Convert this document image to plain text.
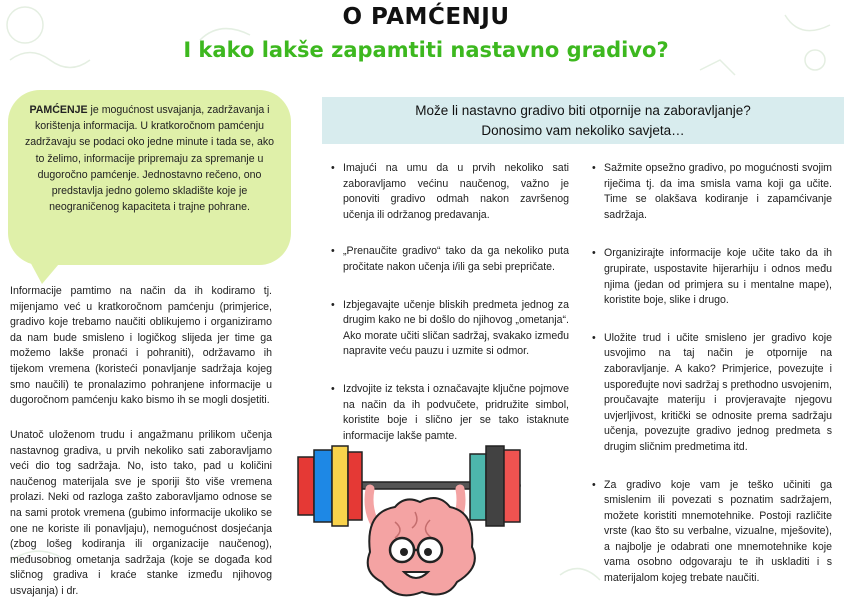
O PAMĆENJU
I kako lakše zapamtiti nastavno gradivo?
PAMĆENJE je mogućnost usvajanja, zadržavanja i korištenja informacija. U kratkoročnom pamćenju zadržavaju se podaci oko jedne minute i tada se, ako to želimo, informacije pripremaju za spremanje u dugoročno pamćenje. Jednostavno rečeno, ono predstavlja jedno golemo skladište koje je neograničenog kapaciteta i trajne pohrane.
Informacije pamtimo na način da ih kodiramo tj. mijenjamo već u kratkoročnom pamćenju (primjerice, gradivo koje trebamo naučiti oblikujemo i organiziramo da nam bude smisleno i logičkog slijeda jer time ga možemo lakše pronaći i pohraniti), održavamo ih tijekom vremena (koristeći ponavljanje sadržaja kojeg smo naučili) te pronalazimo pohranjene informacije u dugoročnom pamćenju kako bismo ih se mogli dosjetiti.
Unatoč uloženom trudu i angažmanu prilikom učenja nastavnog gradiva, u prvih nekoliko sati zaboravljamo veći dio tog sadržaja. No, isto tako, pad u količini naučenog materijala sve je sporiji što više vremena prolazi. Neki od razloga zašto zaboravljamo odnose se na sami protok vremena (gubimo informacije ukoliko se one ne koriste ili ponavljaju), nemogućnost dosjećanja (zbog lošeg kodiranja ili organizacije naučenog), međusobnog ometanja sadržaja (koje se događa kod sličnog gradiva i kraće stanke između njihovog usvajanja) i dr.
Može li nastavno gradivo biti otpornije na zaboravljanje?
Donosimo vam nekoliko savjeta…
• Imajući na umu da u prvih nekoliko sati zaboravljamo većinu naučenog, važno je ponoviti gradivo odmah nakon završenog učenja ili održanog predavanja.
• „Prenaučite gradivo“ tako da ga nekoliko puta pročitate nakon učenja i/ili ga sebi prepričate.
• Izbjegavajte učenje bliskih predmeta jednog za drugim kako ne bi došlo do njihovog „ometanja“. Ako morate učiti sličan sadržaj, svakako između napravite veću pauzu i uzmite si odmor.
• Izdvojite iz teksta i označavajte ključne pojmove na način da ih podvučete, pridružite simbol, koristite boje i slično jer se tako istaknute informacije lakše pamte.
• Sažmite opsežno gradivo, po mogućnosti svojim riječima tj. da ima smisla vama koji ga učite. Time se olakšava kodiranje i zapamćivanje sadržaja.
• Organizirajte informacije koje učite tako da ih grupirate, uspostavite hijerarhiju i odnos među njima (jedan od primjera su i mentalne mape), koristite boje, slike i drugo.
• Uložite trud i učite smisleno jer gradivo koje usvojimo na taj način je otpornije na zaboravljanje. A kako? Primjerice, povezujte i uspoređujte novi sadržaj s prethodno usvojenim, proučavajte materiju i provjeravajte njegovu uvjerljivost, kritički se odnosite prema sadržaju učenja, povezujte gradivo jednog predmeta s drugim sličnim predmetima itd.
• Za gradivo koje vam je teško učiniti ga smislenim ili povezati s poznatim sadržajem, možete koristiti mnemotehnike. Postoji različite vrste (kao što su verbalne, vizualne, mješovite), a najbolje je odabrati one mnemotehnike koje vama osobno odgovaraju te ih uskladiti i s materijalom kojeg trebate naučiti.
